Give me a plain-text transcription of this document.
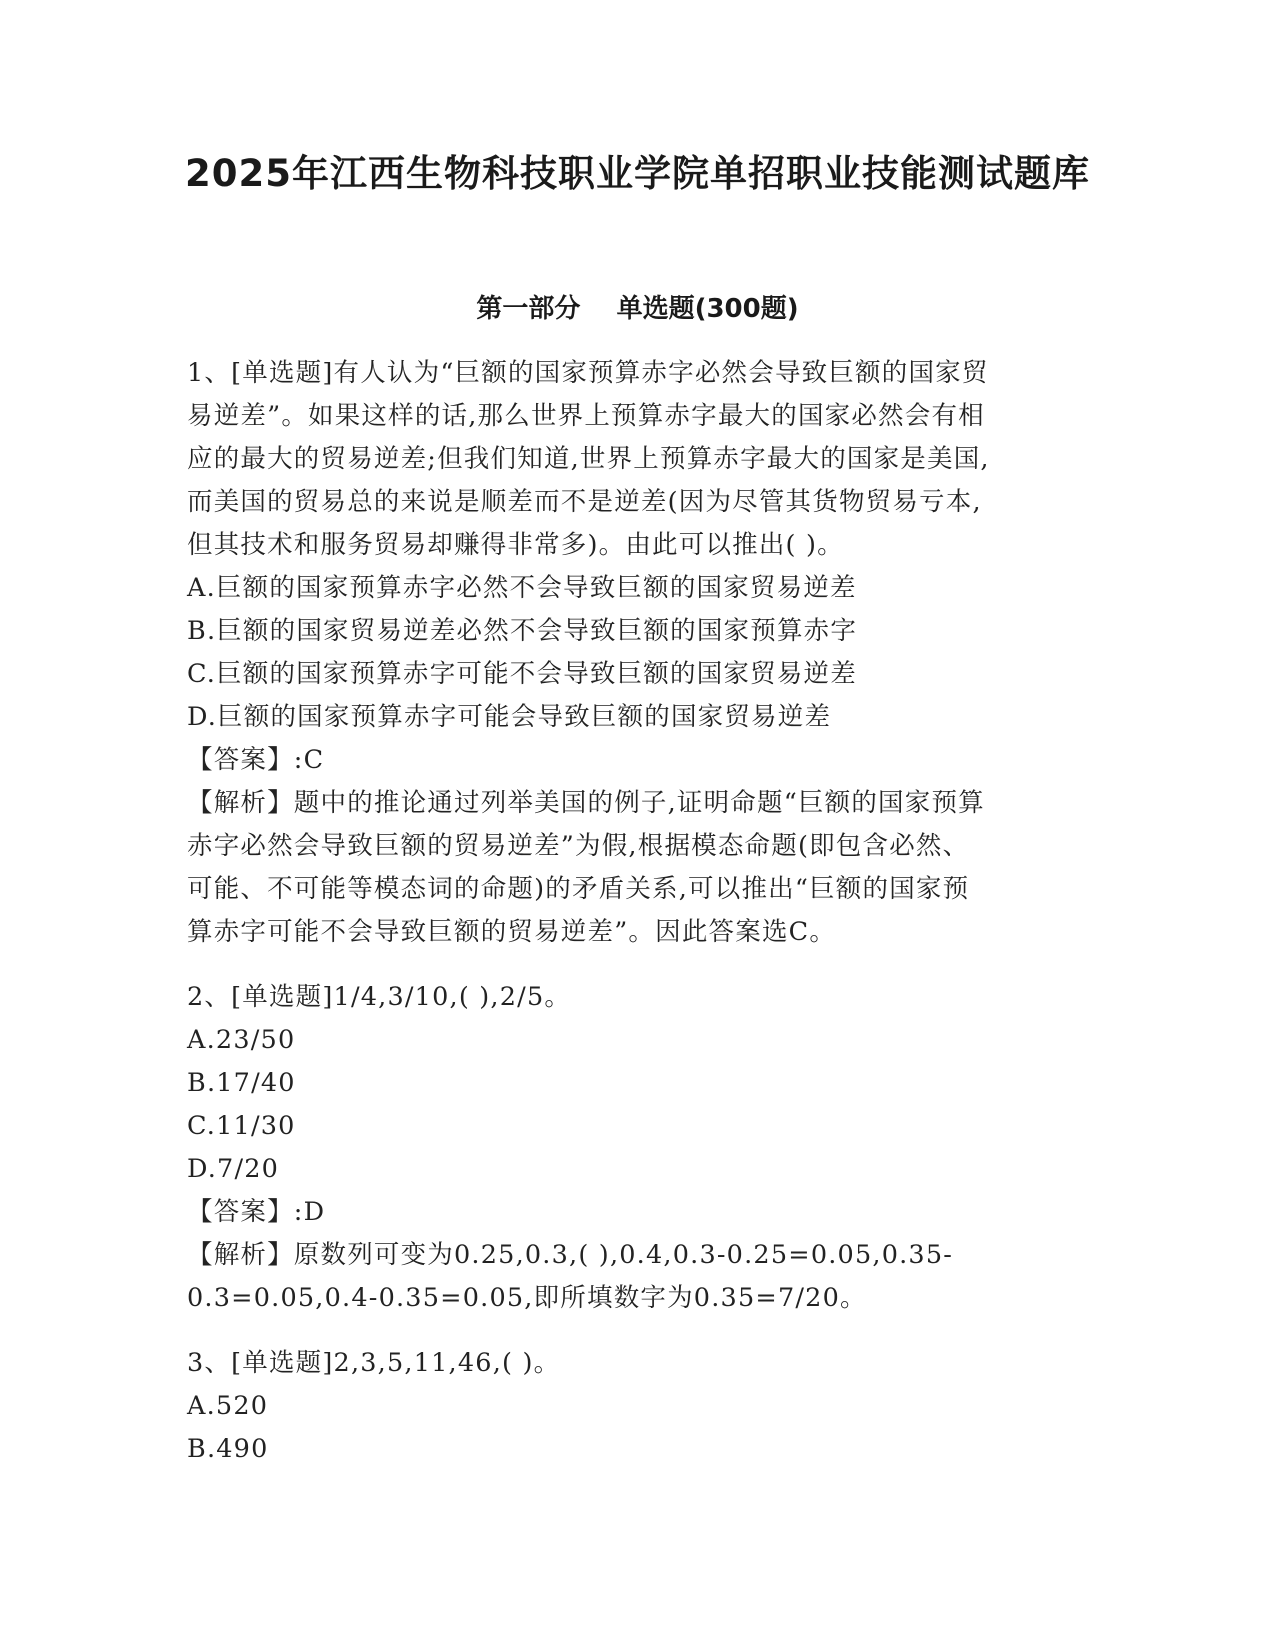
2025年江西生物科技职业学院单招职业技能测试题库
第一部分    单选题(300题)

1、[单选题]有人认为“巨额的国家预算赤字必然会导致巨额的国家贸

易逆差”。如果这样的话,那么世界上预算赤字最大的国家必然会有相

应的最大的贸易逆差;但我们知道,世界上预算赤字最大的国家是美国,

而美国的贸易总的来说是顺差而不是逆差(因为尽管其货物贸易亏本,

但其技术和服务贸易却赚得非常多)。由此可以推出( )。

A.巨额的国家预算赤字必然不会导致巨额的国家贸易逆差

B.巨额的国家贸易逆差必然不会导致巨额的国家预算赤字

C.巨额的国家预算赤字可能不会导致巨额的国家贸易逆差

D.巨额的国家预算赤字可能会导致巨额的国家贸易逆差

【答案】:C

【解析】题中的推论通过列举美国的例子,证明命题“巨额的国家预算

赤字必然会导致巨额的贸易逆差”为假,根据模态命题(即包含必然、

可能、不可能等模态词的命题)的矛盾关系,可以推出“巨额的国家预

算赤字可能不会导致巨额的贸易逆差”。因此答案选C。

2、[单选题]1/4,3/10,( ),2/5。

A.23/50

B.17/40

C.11/30

D.7/20

【答案】:D

【解析】原数列可变为0.25,0.3,( ),0.4,0.3-0.25=0.05,0.35-

0.3=0.05,0.4-0.35=0.05,即所填数字为0.35=7/20。

3、[单选题]2,3,5,11,46,( )。

A.520

B.490
